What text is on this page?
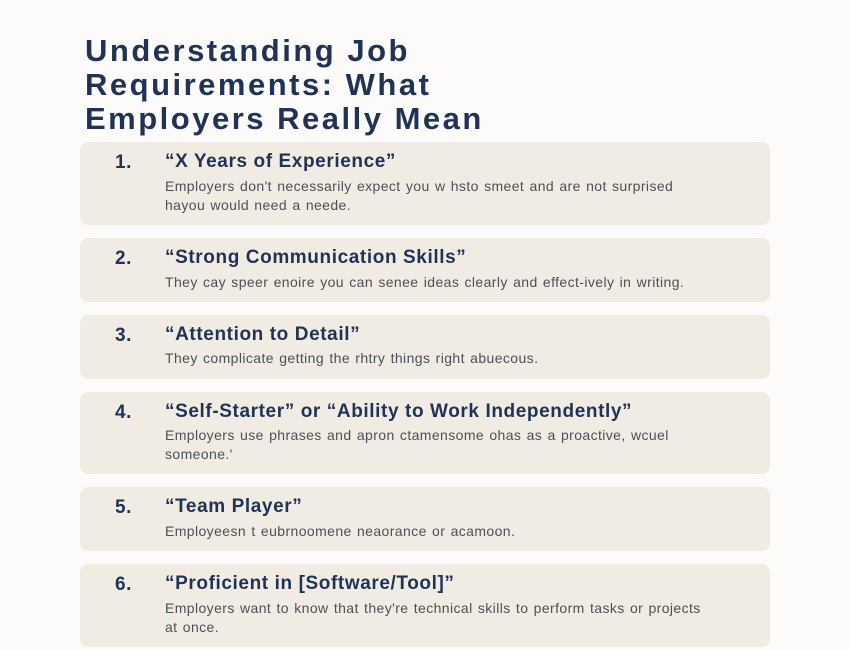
Understanding Job Requirements: What Employers Really Mean
1.	“X Years of Experience”

Employers don't necessarily expect you w hsto smeet and are not surprised hayou would need a neede.

2.	“Strong Communication Skills”

They cay speer enoire you can senee ideas clearly and effect-ively in writing.

3.	“Attention to Detail”

They complicate getting the rhtry things right abuecous.

4.	“Self-Starter” or “Ability to Work Independently”

Employers use phrases and apron ctamensome ohas as a proactive, wcuel someone.'

5.	“Team Player”

Employeesn t eubrnoomene neaorance or acamoon.

6.	“Proficient in [Software/Tool]”

Employers want to know that they're technical skills to perform tasks or projects at once.
